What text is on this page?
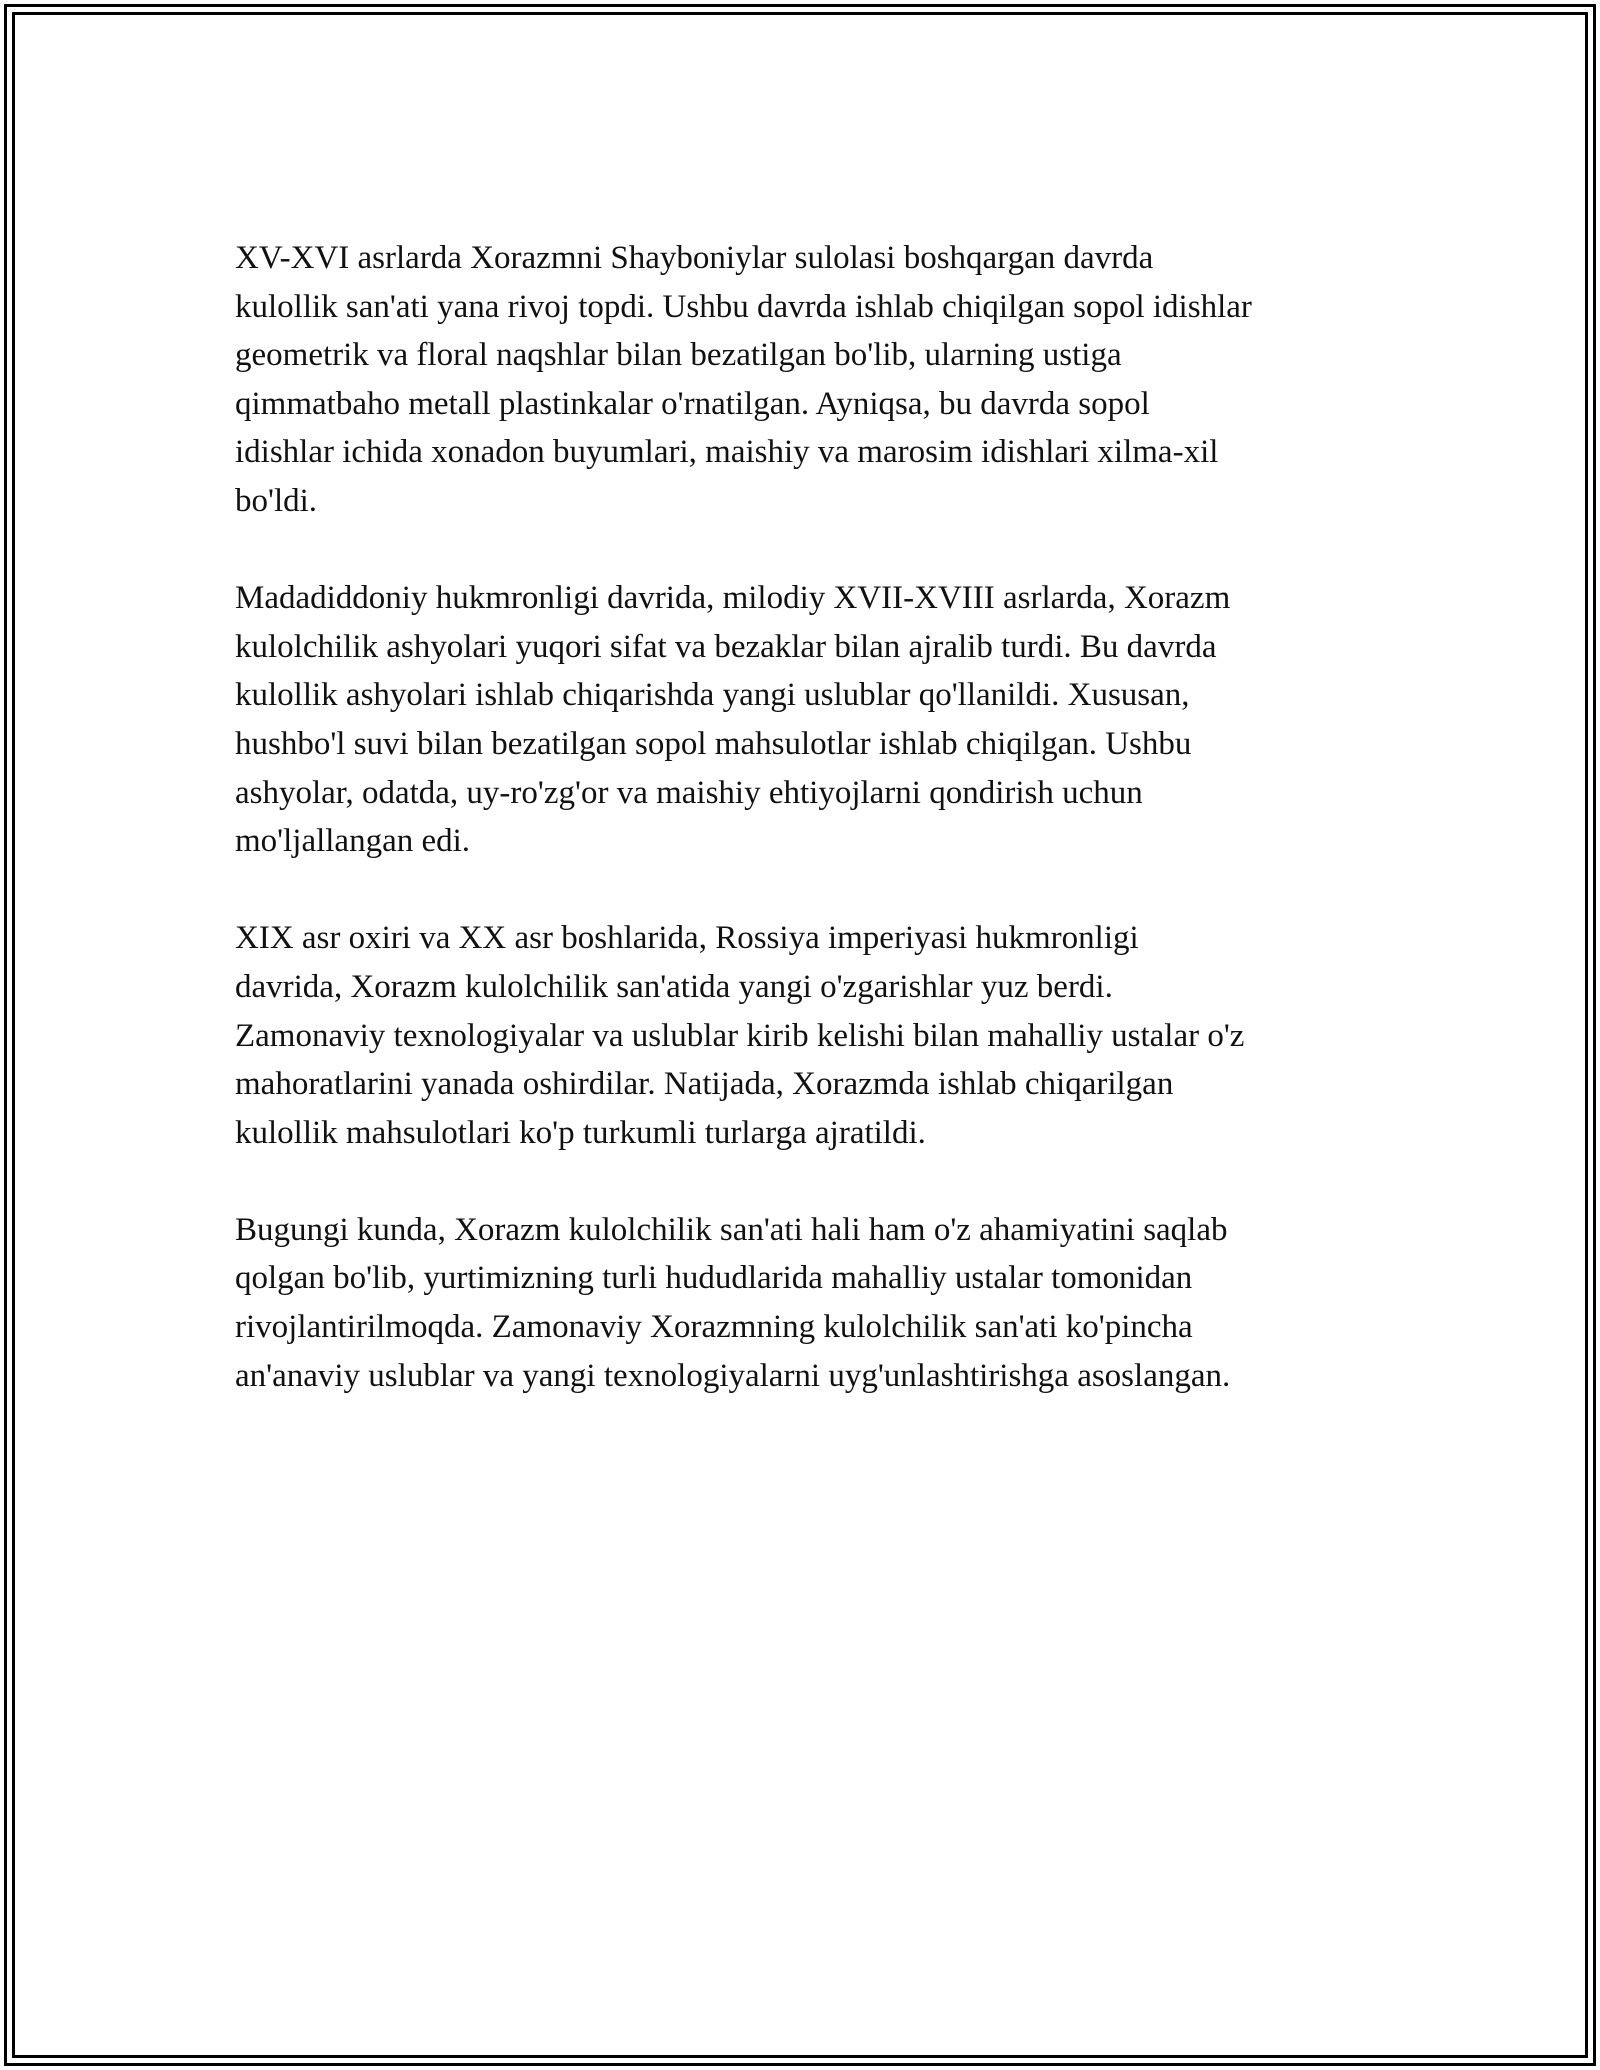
XV-XVI asrlarda Xorazmni Shayboniylar sulolasi boshqargan davrda
kulollik san'ati yana rivoj topdi. Ushbu davrda ishlab chiqilgan sopol idishlar
geometrik va floral naqshlar bilan bezatilgan bo'lib, ularning ustiga
qimmatbaho metall plastinkalar o'rnatilgan. Ayniqsa, bu davrda sopol
idishlar ichida xonadon buyumlari, maishiy va marosim idishlari xilma-xil
bo'ldi.

Madadiddoniy hukmronligi davrida, milodiy XVII-XVIII asrlarda, Xorazm
kulolchilik ashyolari yuqori sifat va bezaklar bilan ajralib turdi. Bu davrda
kulollik ashyolari ishlab chiqarishda yangi uslublar qo'llanildi. Xususan,
hushbo'l suvi bilan bezatilgan sopol mahsulotlar ishlab chiqilgan. Ushbu
ashyolar, odatda, uy-ro'zg'or va maishiy ehtiyojlarni qondirish uchun
mo'ljallangan edi.

XIX asr oxiri va XX asr boshlarida, Rossiya imperiyasi hukmronligi
davrida, Xorazm kulolchilik san'atida yangi o'zgarishlar yuz berdi.
Zamonaviy texnologiyalar va uslublar kirib kelishi bilan mahalliy ustalar o'z
mahoratlarini yanada oshirdilar. Natijada, Xorazmda ishlab chiqarilgan
kulollik mahsulotlari ko'p turkumli turlarga ajratildi.

Bugungi kunda, Xorazm kulolchilik san'ati hali ham o'z ahamiyatini saqlab
qolgan bo'lib, yurtimizning turli hududlarida mahalliy ustalar tomonidan
rivojlantirilmoqda. Zamonaviy Xorazmning kulolchilik san'ati ko'pincha
an'anaviy uslublar va yangi texnologiyalarni uyg'unlashtirishga asoslangan.
